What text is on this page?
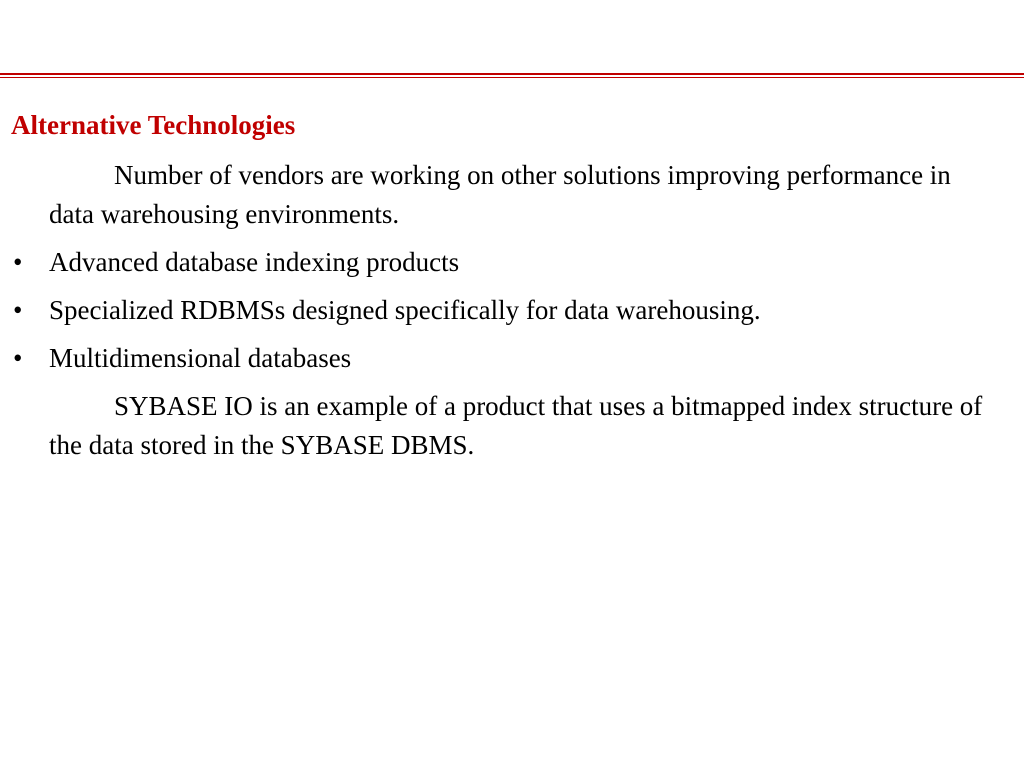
Alternative Technologies

Number of vendors are working on other solutions improving performance in data warehousing environments.

• Advanced database indexing products
• Specialized RDBMSs designed specifically for data warehousing.
• Multidimensional databases

SYBASE IO is an example of a product that uses a bitmapped index structure of the data stored in the SYBASE DBMS.
